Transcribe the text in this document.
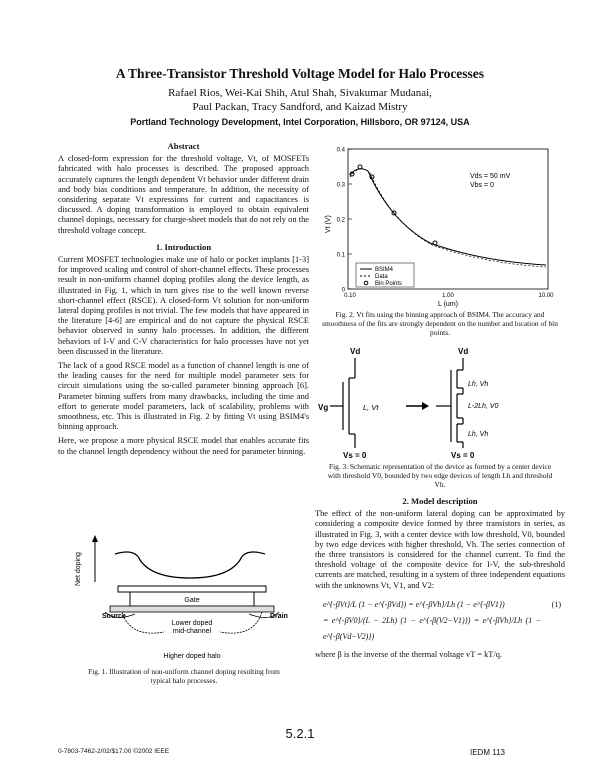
A Three-Transistor Threshold Voltage Model for Halo Processes
Rafael Rios, Wei-Kai Shih, Atul Shah, Sivakumar Mudanai,
Paul Packan, Tracy Sandford, and Kaizad Mistry
Portland Technology Development, Intel Corporation, Hillsboro, OR 97124, USA
Abstract

A closed-form expression for the threshold voltage, Vt, of MOSFETs fabricated with halo processes is described. The proposed approach accurately captures the length dependent Vt behavior under different drain and body bias conditions and temperature. In addition, the necessity of considering separate Vt expressions for current and capacitances is discussed. A doping transformation is employed to obtain equivalent channel dopings, necessary for charge-sheet models that do not rely on the threshold voltage concept.

1. Introduction

Current MOSFET technologies make use of halo or pocket implants [1-3] for improved scaling and control of short-channel effects. These processes result in non-uniform channel doping profiles along the device length, as illustrated in Fig. 1, which in turn gives rise to the well known reverse short-channel effect (RSCE). A closed-form Vt solution for non-uniform lateral doping profiles is not trivial. The few models that have appeared in the literature [4-6] are empirical and do not capture the physical RSCE behavior observed in sunny halo processes. In addition, the different behaviors of I-V and C-V characteristics for halo processes have not yet been discussed in the literature.

The lack of a good RSCE model as a function of channel length is one of the leading causes for the need for multiple model parameter sets for circuit simulations using the so-called parameter binning approach [6]. Parameter binning suffers from many drawbacks, including the time and effort to generate model parameters, lack of scalability, problems with smoothness, etc. This is illustrated in Fig. 2 by fitting Vt using BSIM4's binning approach.

Here, we propose a more physical RSCE model that enables accurate fits to the channel length dependency without the need for parameter binning.

Net doping
Gate
Source	Drain
Lower doped
mid-channel
Higher doped halo
Fig. 1. Illustration of non-uniform channel doping resulting from typical halo processes.
Vt (V)
0.4
0.3
0.2
0.1
0
0.10	1.00	10.00
Vds = 50 mV
Vbs = 0
BSIM4
Data
Bin Points
L (um)
Fig. 2. Vt fits using the binning approach of BSIM4. The accuracy and smoothness of the fits are strongly dependent on the number and location of bin points.
Vd
Vg	L, Vt
Vs = 0
Vd
Lh, Vh
L-2Lh, V0
Lh, Vh
Vs = 0
Fig. 3. Schematic representation of the device as formed by a center device with threshold V0, bounded by two edge devices of length Lh and threshold Vh.
2. Model description

The effect of the non-uniform lateral doping can be approximated by considering a composite device formed by three transistors in series, as illustrated in Fig. 3, with a center device with low threshold, V0, bounded by two edge devices with higher threshold, Vh. The series connection of the three transistors is considered for the channel current. To find the threshold voltage of the composite device for I-V, the sub-threshold currents are matched, resulting in a system of three independent equations with the unknowns Vt, V1, and V2:

e^{-βVt}/L (1 − e^{-βVd}) = e^{-βVh}/Lh (1 − e^{-βV1})
= e^{-βV0}/(L − 2Lh) (1 − e^{-β(V2−V1)}) = e^{-βVh}/Lh (1 − e^{-β(Vd−V2)})
(1)

where β is the inverse of the thermal voltage vT = kT/q.

5.2.1
0-7803-7462-2/02/$17.00 ©2002 IEEE	IEDM 113
